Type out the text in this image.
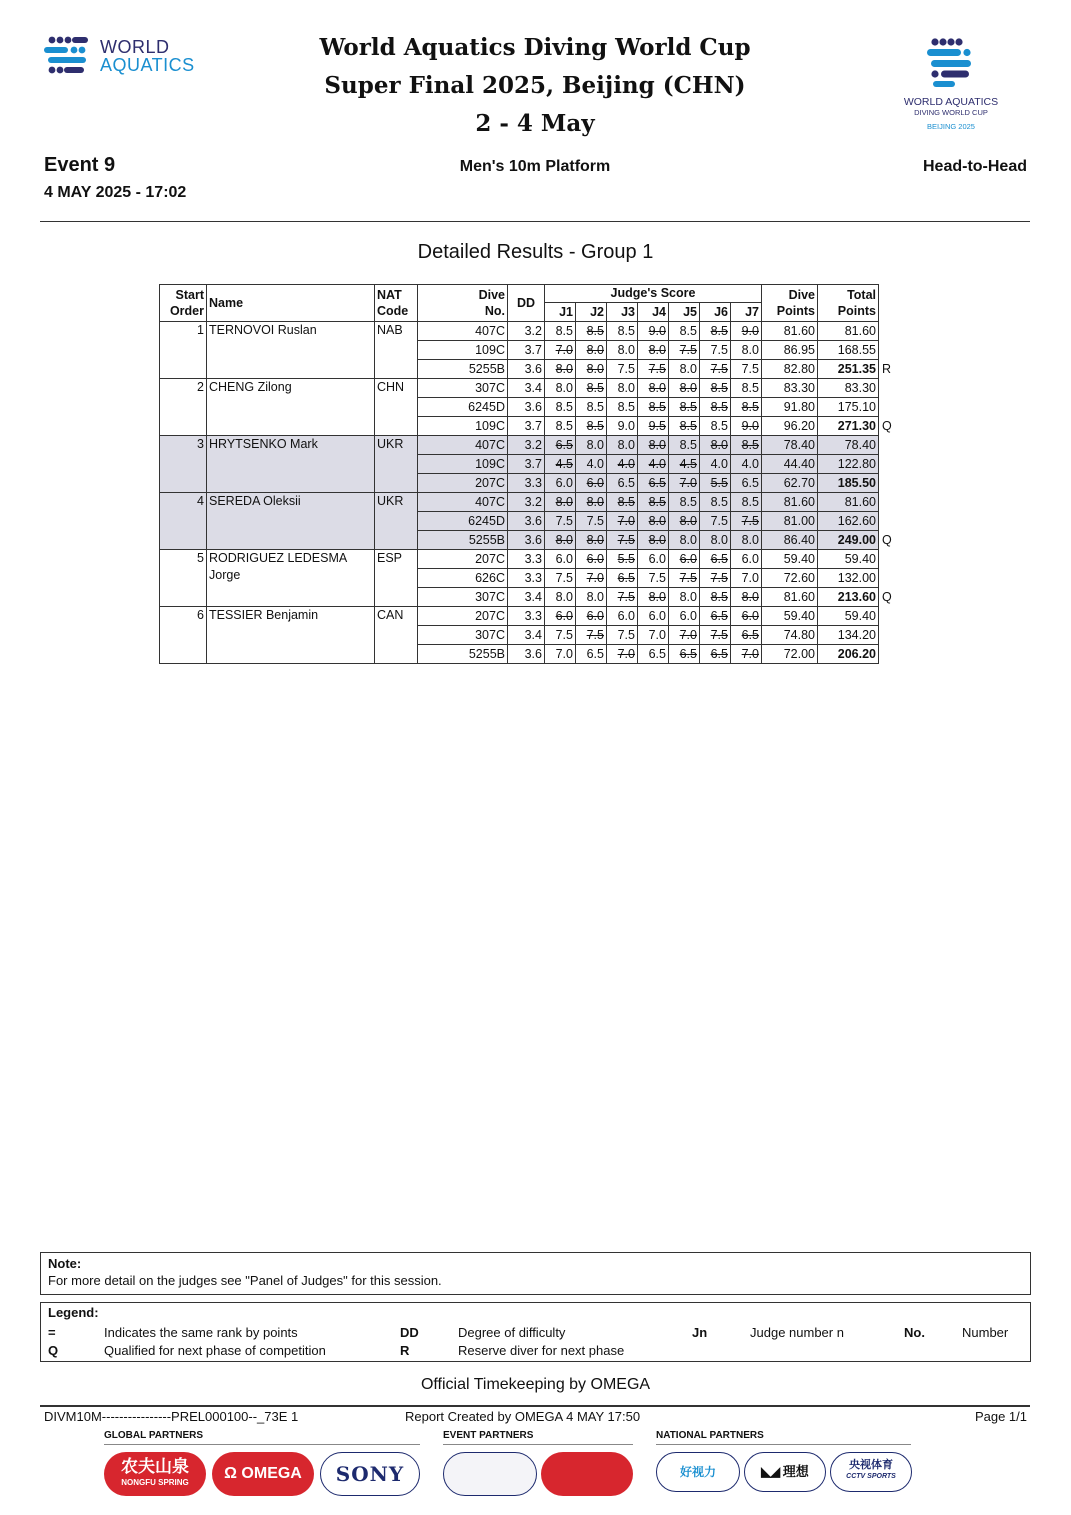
WORLD
AQUATICS
World Aquatics Diving World Cup
Super Final 2025, Beijing (CHN)
2 - 4 May
WORLD AQUATICS
DIVING WORLD CUP
BEIJING 2025
Event 9
4 MAY 2025 - 17:02
Men's 10m Platform	Head-to-Head
Detailed Results - Group 1
Start
Order	Name	NAT
Code	Dive
No.	DD	Judge's Score							Dive
Points	Total
Points	
					J1	J2	J3	J4	J5	J6	J7			
1	TERNOVOI Ruslan	NAB	407C	3.2	8.5	8.5	8.5	9.0	8.5	8.5	9.0	81.60	81.60	
			109C	3.7	7.0	8.0	8.0	8.0	7.5	7.5	8.0	86.95	168.55	
			5255B	3.6	8.0	8.0	7.5	7.5	8.0	7.5	7.5	82.80	251.35	R
2	CHENG Zilong	CHN	307C	3.4	8.0	8.5	8.0	8.0	8.0	8.5	8.5	83.30	83.30	
			6245D	3.6	8.5	8.5	8.5	8.5	8.5	8.5	8.5	91.80	175.10	
			109C	3.7	8.5	8.5	9.0	9.5	8.5	8.5	9.0	96.20	271.30	Q
3	HRYTSENKO Mark	UKR	407C	3.2	6.5	8.0	8.0	8.0	8.5	8.0	8.5	78.40	78.40	
			109C	3.7	4.5	4.0	4.0	4.0	4.5	4.0	4.0	44.40	122.80	
			207C	3.3	6.0	6.0	6.5	6.5	7.0	5.5	6.5	62.70	185.50	
4	SEREDA Oleksii	UKR	407C	3.2	8.0	8.0	8.5	8.5	8.5	8.5	8.5	81.60	81.60	
			6245D	3.6	7.5	7.5	7.0	8.0	8.0	7.5	7.5	81.00	162.60	
			5255B	3.6	8.0	8.0	7.5	8.0	8.0	8.0	8.0	86.40	249.00	Q
5	RODRIGUEZ LEDESMA
Jorge	ESP	207C	3.3	6.0	6.0	5.5	6.0	6.0	6.5	6.0	59.40	59.40	
			626C	3.3	7.5	7.0	6.5	7.5	7.5	7.5	7.0	72.60	132.00	
			307C	3.4	8.0	8.0	7.5	8.0	8.0	8.5	8.0	81.60	213.60	Q
6	TESSIER Benjamin	CAN	207C	3.3	6.0	6.0	6.0	6.0	6.0	6.5	6.0	59.40	59.40	
			307C	3.4	7.5	7.5	7.5	7.0	7.0	7.5	6.5	74.80	134.20	
			5255B	3.6	7.0	6.5	7.0	6.5	6.5	6.5	7.0	72.00	206.20	
Note:
For more detail on the judges see "Panel of Judges" for this session.
Legend:
=	Indicates the same rank by points
Q	Qualified for next phase of competition
DD	Degree of difficulty
R	Reserve diver for next phase
Jn	Judge number n	No.	Number
Official Timekeeping by OMEGA
DIVM10M----------------PREL000100--_73E 1	Report Created by OMEGA 4 MAY 17:50	Page 1/1
GLOBAL PARTNERS	EVENT PARTNERS	NATIONAL PARTNERS
农夫山泉
NONGFU SPRING
Ω OMEGA	SONY	好视力	◣◢ 理想	央视体育
CCTV SPORTS
